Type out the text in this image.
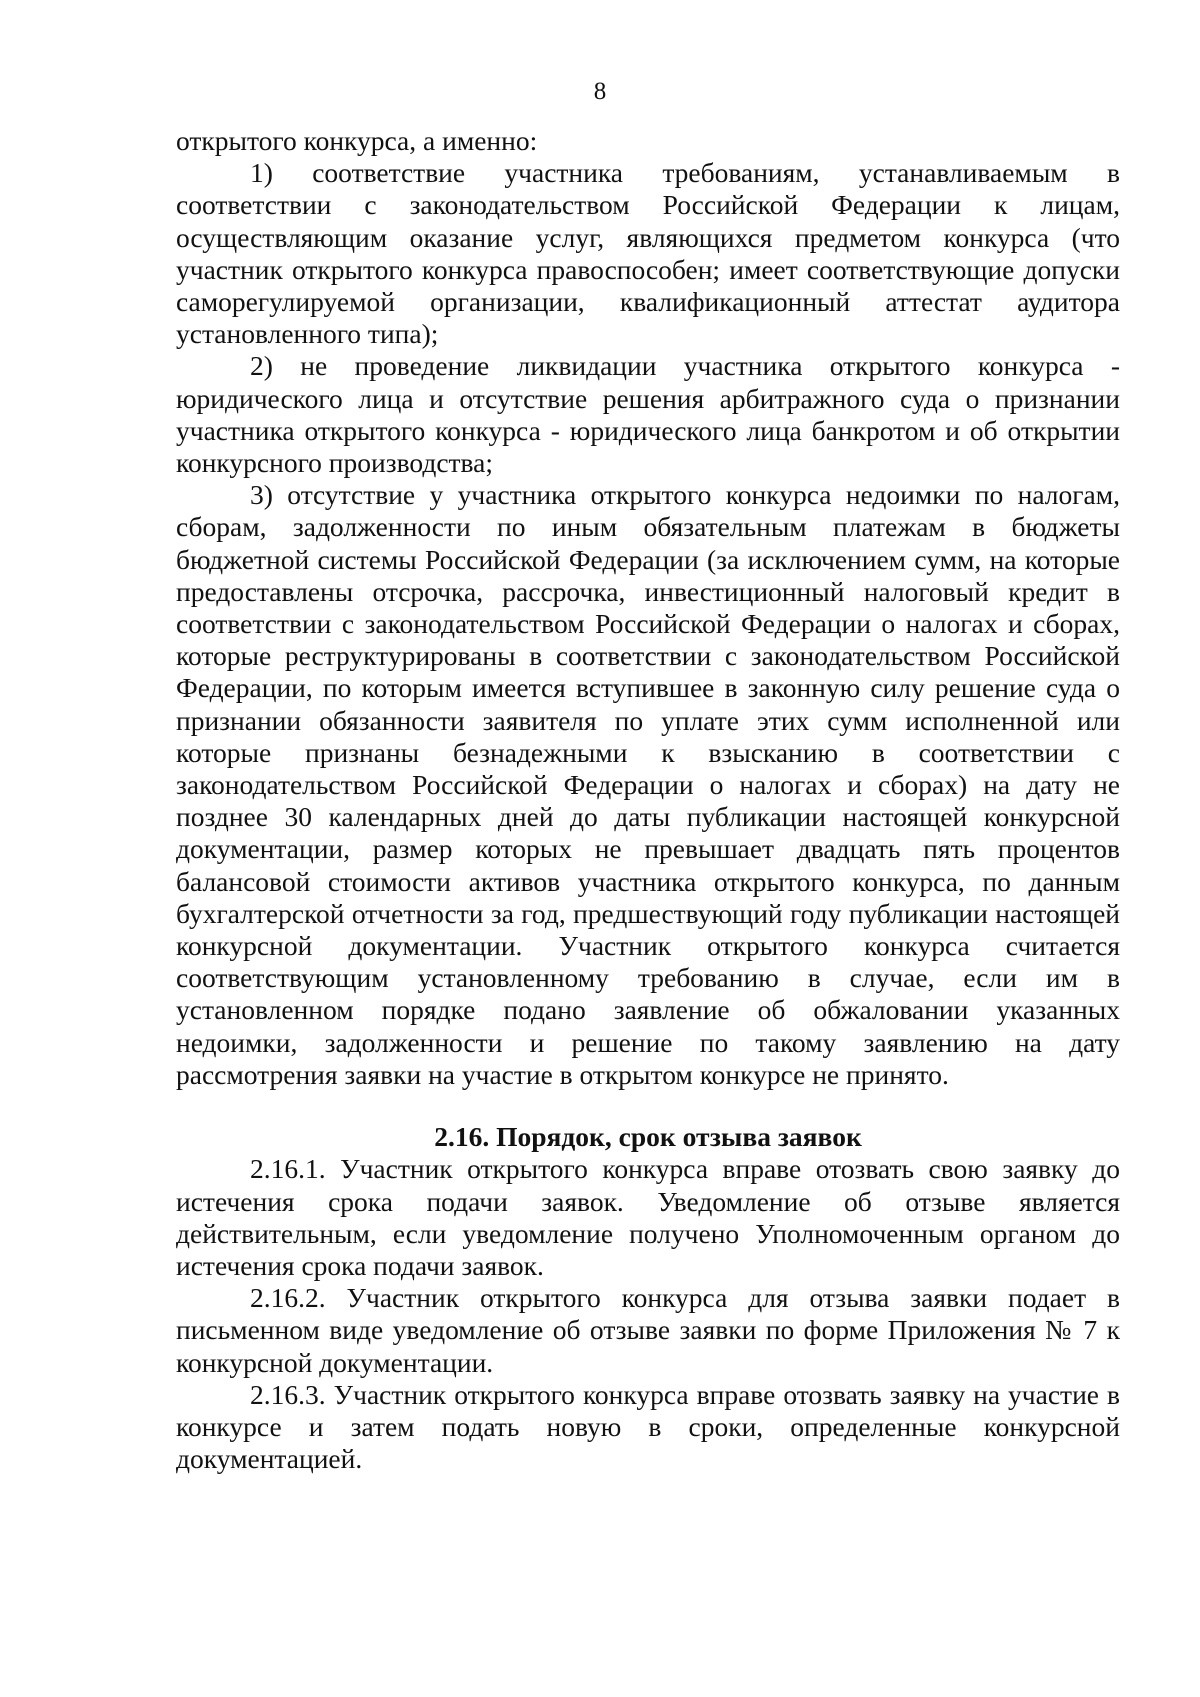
8

открытого конкурса, а именно:

1) соответствие участника требованиям, устанавливаемым в соответствии с законодательством Российской Федерации к лицам, осуществляющим оказание услуг, являющихся предметом конкурса (что участник открытого конкурса правоспособен; имеет соответствующие допуски саморегулируемой организации, квалификационный аттестат аудитора установленного типа);

2) не проведение ликвидации участника открытого конкурса - юридического лица и отсутствие решения арбитражного суда о признании участника открытого конкурса - юридического лица банкротом и об открытии конкурсного производства;

3) отсутствие у участника открытого конкурса недоимки по налогам, сборам, задолженности по иным обязательным платежам в бюджеты бюджетной системы Российской Федерации (за исключением сумм, на которые предоставлены отсрочка, рассрочка, инвестиционный налоговый кредит в соответствии с законодательством Российской Федерации о налогах и сборах, которые реструктурированы в соответствии с законодательством Российской Федерации, по которым имеется вступившее в законную силу решение суда о признании обязанности заявителя по уплате этих сумм исполненной или которые признаны безнадежными к взысканию в соответствии с законодательством Российской Федерации о налогах и сборах) на дату не позднее 30 календарных дней до даты публикации настоящей конкурсной документации, размер которых не превышает двадцать пять процентов балансовой стоимости активов участника открытого конкурса, по данным бухгалтерской отчетности за год, предшествующий году публикации настоящей конкурсной документации. Участник открытого конкурса считается соответствующим установленному требованию в случае, если им в установленном порядке подано заявление об обжаловании указанных недоимки, задолженности и решение по такому заявлению на дату рассмотрения заявки на участие в открытом конкурсе не принято.

2.16. Порядок, срок отзыва заявок

2.16.1. Участник открытого конкурса вправе отозвать свою заявку до истечения срока подачи заявок. Уведомление об отзыве является действительным, если уведомление получено Уполномоченным органом до истечения срока подачи заявок.

2.16.2. Участник открытого конкурса для отзыва заявки подает в письменном виде уведомление об отзыве заявки по форме Приложения № 7 к конкурсной документации.

2.16.3. Участник открытого конкурса вправе отозвать заявку на участие в конкурсе и затем подать новую в сроки, определенные конкурсной документацией.
